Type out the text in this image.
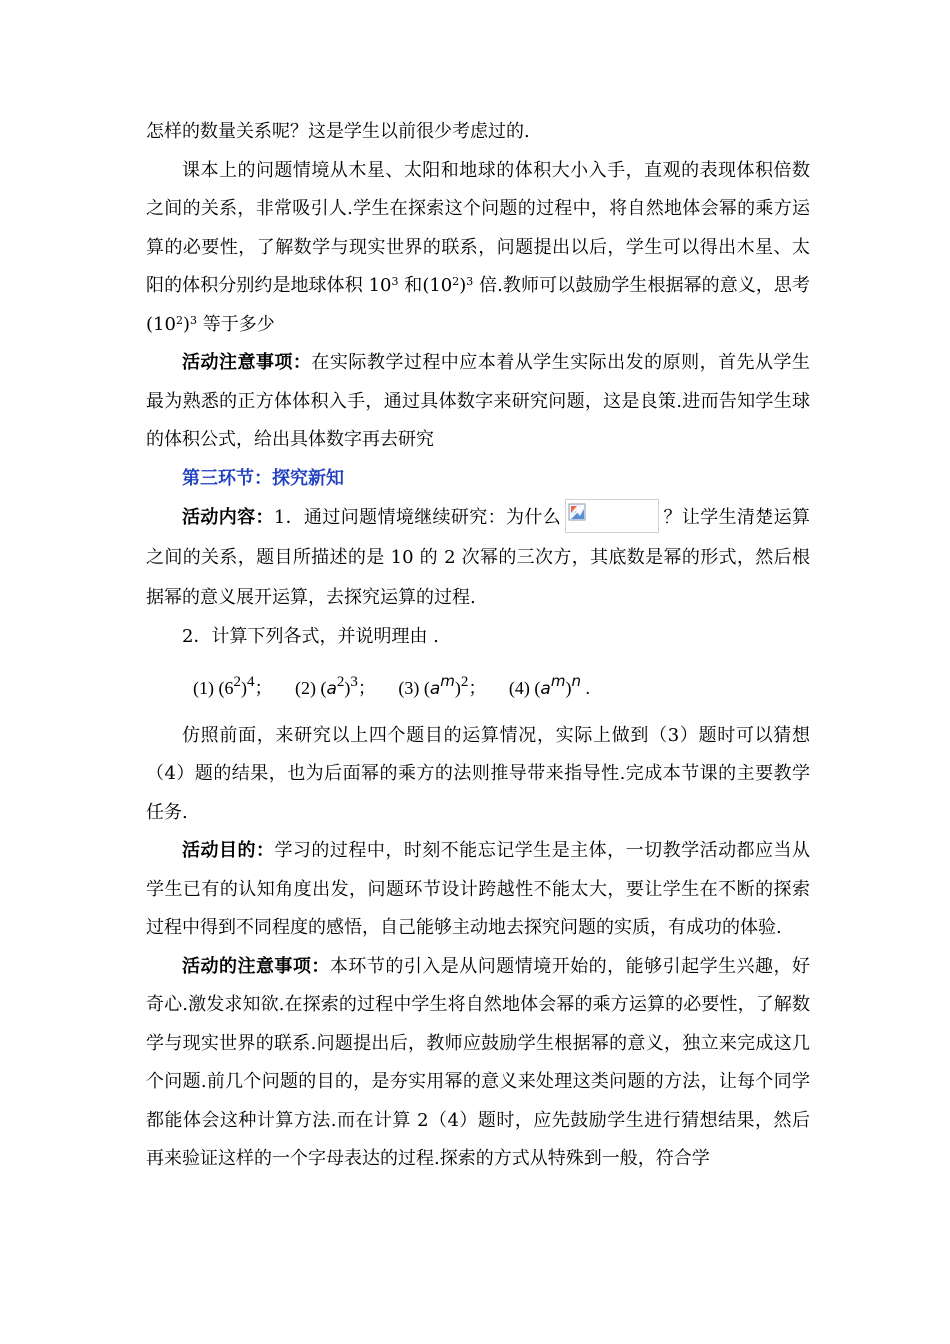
怎样的数量关系呢？这是学生以前很少考虑过的.

课本上的问题情境从木星、太阳和地球的体积大小入手，直观的表现体积倍数之间的关系，非常吸引人.学生在探索这个问题的过程中，将自然地体会幂的乘方运算的必要性，了解数学与现实世界的联系，问题提出以后，学生可以得出木星、太阳的体积分别约是地球体积 $10^3$ 和$(10^2)^3$ 倍.教师可以鼓励学生根据幂的意义，思考$(10^2)^3$ 等于多少

活动注意事项：在实际教学过程中应本着从学生实际出发的原则，首先从学生最为熟悉的正方体体积入手，通过具体数字来研究问题，这是良策.进而告知学生球的体积公式，给出具体数字再去研究

第三环节：探究新知

活动内容：1．通过问题情境继续研究：为什么	？让学生清楚运算之间的关系，题目所描述的是 10 的 2 次幂的三次方，其底数是幂的形式，然后根据幂的意义展开运算，去探究运算的过程.

2．计算下列各式，并说明理由 .

(1) $(6^2)^4$； (2) $(a^2)^3$； (3) $(a^m)^2$； (4) $(a^m)^n$ .

仿照前面，来研究以上四个题目的运算情况，实际上做到（3）题时可以猜想（4）题的结果，也为后面幂的乘方的法则推导带来指导性.完成本节课的主要教学任务.

活动目的：学习的过程中，时刻不能忘记学生是主体，一切教学活动都应当从学生已有的认知角度出发，问题环节设计跨越性不能太大，要让学生在不断的探索过程中得到不同程度的感悟，自己能够主动地去探究问题的实质，有成功的体验.

活动的注意事项：本环节的引入是从问题情境开始的，能够引起学生兴趣，好奇心.激发求知欲.在探索的过程中学生将自然地体会幂的乘方运算的必要性，了解数学与现实世界的联系.问题提出后，教师应鼓励学生根据幂的意义，独立来完成这几个问题.前几个问题的目的，是夯实用幂的意义来处理这类问题的方法，让每个同学都能体会这种计算方法.而在计算 2（4）题时，应先鼓励学生进行猜想结果，然后再来验证这样的一个字母表达的过程.探索的方式从特殊到一般，符合学
